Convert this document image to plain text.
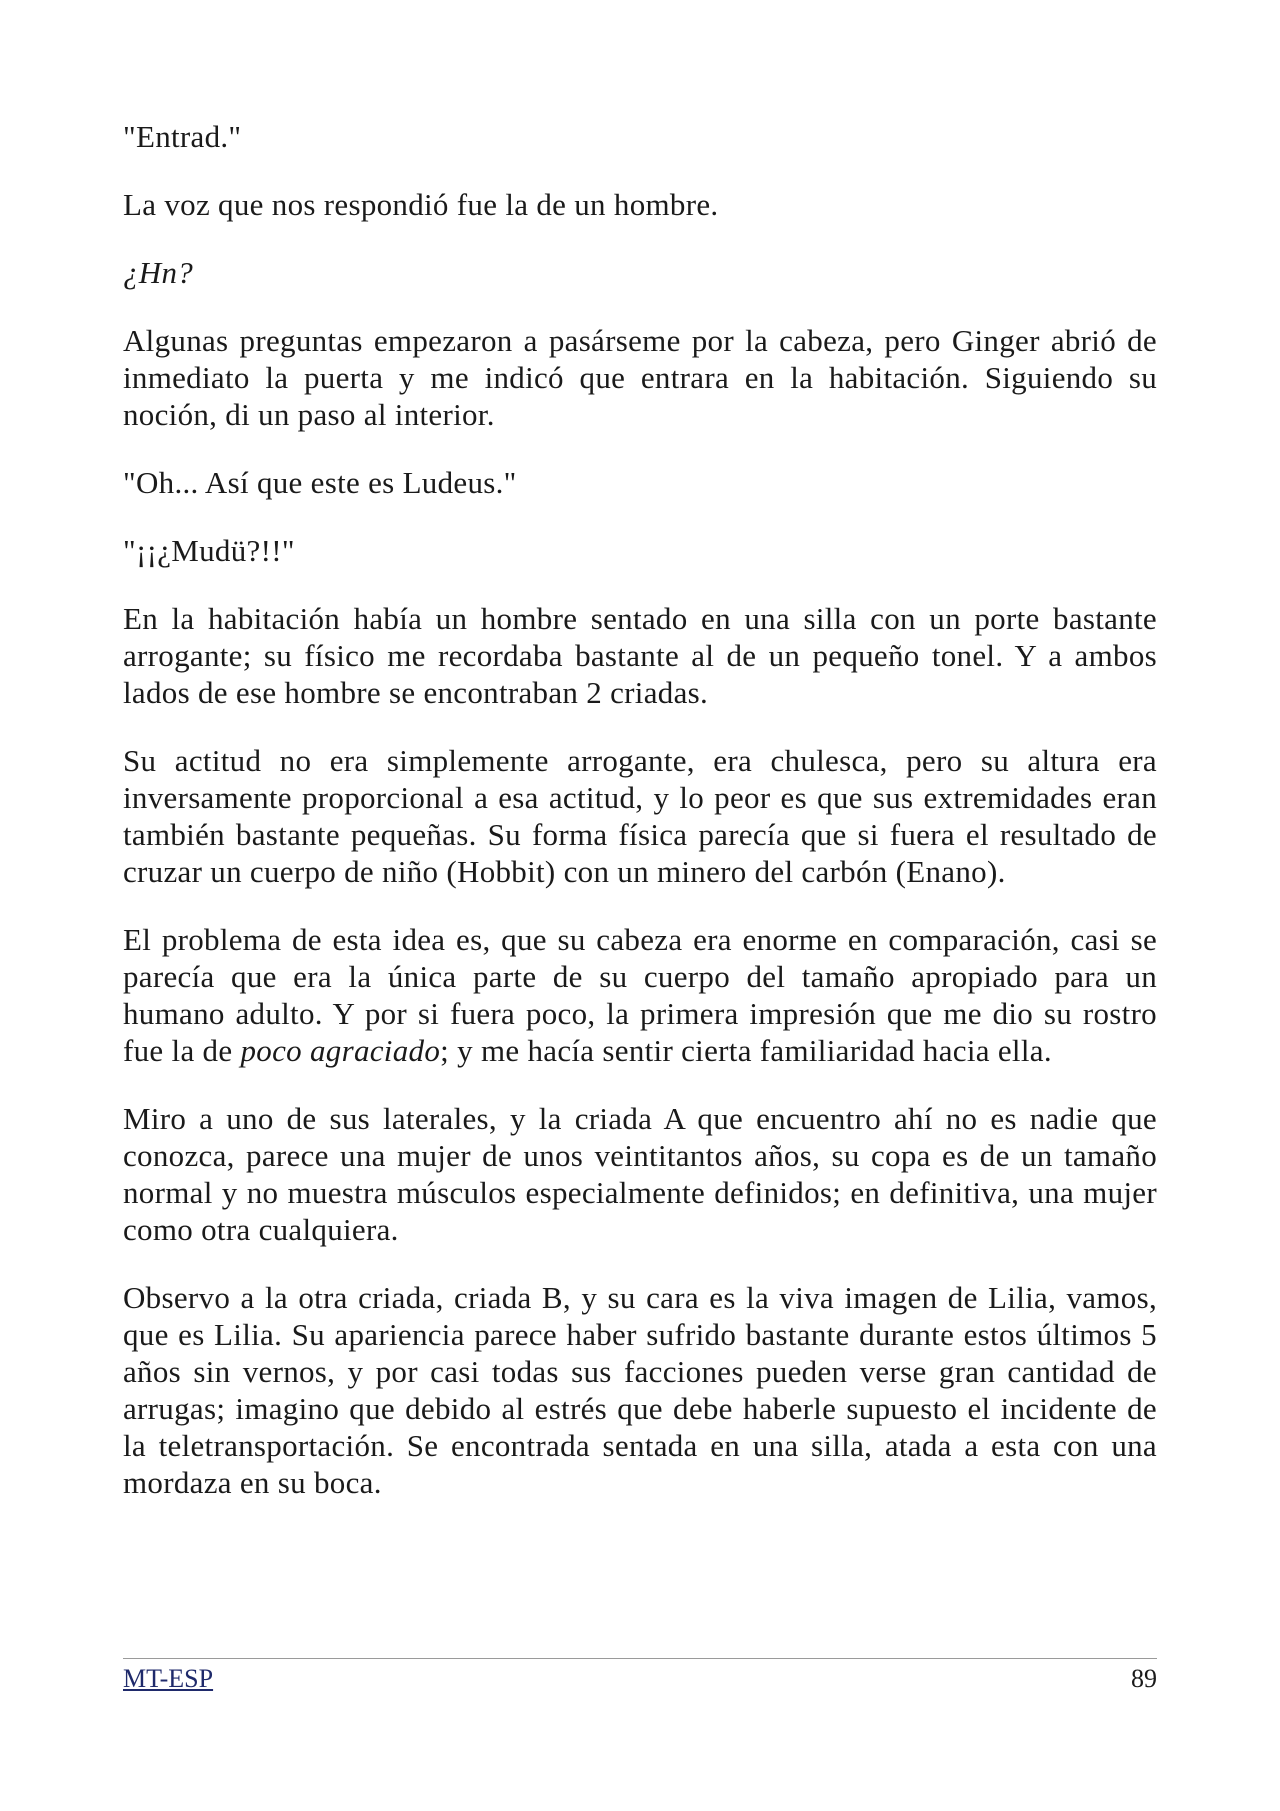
"Entrad."

La voz que nos respondió fue la de un hombre.

¿Hn?

Algunas preguntas empezaron a pasárseme por la cabeza, pero Ginger abrió de inmediato la puerta y me indicó que entrara en la habitación. Siguiendo su noción, di un paso al interior.

"Oh... Así que este es Ludeus."

"¡¡¿Mudü?!!"

En la habitación había un hombre sentado en una silla con un porte bastante arrogante; su físico me recordaba bastante al de un pequeño tonel. Y a ambos lados de ese hombre se encontraban 2 criadas.

Su actitud no era simplemente arrogante, era chulesca, pero su altura era inversamente proporcional a esa actitud, y lo peor es que sus extremidades eran también bastante pequeñas. Su forma física parecía que si fuera el resultado de cruzar un cuerpo de niño (Hobbit) con un minero del carbón (Enano).

El problema de esta idea es, que su cabeza era enorme en comparación, casi se parecía que era la única parte de su cuerpo del tamaño apropiado para un humano adulto. Y por si fuera poco, la primera impresión que me dio su rostro fue la de poco agraciado; y me hacía sentir cierta familiaridad hacia ella.

Miro a uno de sus laterales, y la criada A que encuentro ahí no es nadie que conozca, parece una mujer de unos veintitantos años, su copa es de un tamaño normal y no muestra músculos especialmente definidos; en definitiva, una mujer como otra cualquiera.

Observo a la otra criada, criada B, y su cara es la viva imagen de Lilia, vamos, que es Lilia. Su apariencia parece haber sufrido bastante durante estos últimos 5 años sin vernos, y por casi todas sus facciones pueden verse gran cantidad de arrugas; imagino que debido al estrés que debe haberle supuesto el incidente de la teletransportación. Se encontrada sentada en una silla, atada a esta con una mordaza en su boca.

MT-ESP	89
